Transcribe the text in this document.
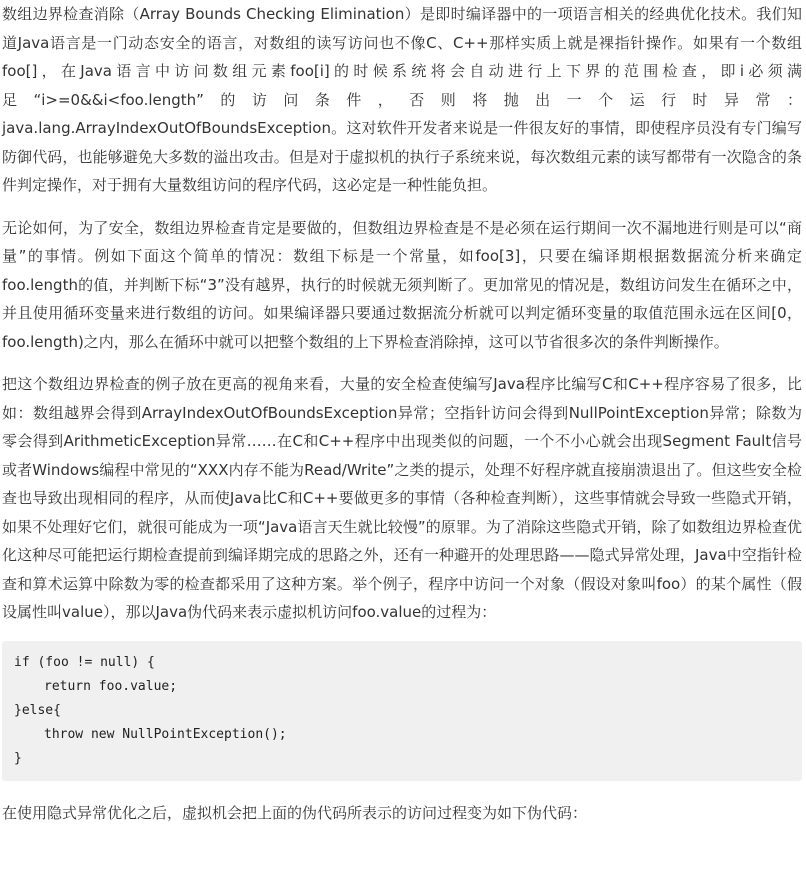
数组边界检查消除（Array Bounds Checking Elimination）是即时编译器中的一项语言相关的经典优化技术。我们知道Java语言是一门动态安全的语言，对数组的读写访问也不像C、C++那样实质上就是裸指针操作。如果有一个数组foo[]，在Java语言中访问数组元素foo[i]的时候系统将会自动进行上下界的范围检查，即i必须满足“i>=0&&i<foo.length”的访问条件，否则将抛出一个运行时异常：java.lang.ArrayIndexOutOfBoundsException。这对软件开发者来说是一件很友好的事情，即使程序员没有专门编写防御代码，也能够避免大多数的溢出攻击。但是对于虚拟机的执行子系统来说，每次数组元素的读写都带有一次隐含的条件判定操作，对于拥有大量数组访问的程序代码，这必定是一种性能负担。

无论如何，为了安全，数组边界检查肯定是要做的，但数组边界检查是不是必须在运行期间一次不漏地进行则是可以“商量”的事情。例如下面这个简单的情况：数组下标是一个常量，如foo[3]，只要在编译期根据数据流分析来确定foo.length的值，并判断下标“3”没有越界，执行的时候就无须判断了。更加常见的情况是，数组访问发生在循环之中，并且使用循环变量来进行数组的访问。如果编译器只要通过数据流分析就可以判定循环变量的取值范围永远在区间[0，foo.length)之内，那么在循环中就可以把整个数组的上下界检查消除掉，这可以节省很多次的条件判断操作。

把这个数组边界检查的例子放在更高的视角来看，大量的安全检查使编写Java程序比编写C和C++程序容易了很多，比如：数组越界会得到ArrayIndexOutOfBoundsException异常；空指针访问会得到NullPointException异常；除数为零会得到ArithmeticException异常……在C和C++程序中出现类似的问题，一个不小心就会出现Segment Fault信号或者Windows编程中常见的“XXX内存不能为Read/Write”之类的提示，处理不好程序就直接崩溃退出了。但这些安全检查也导致出现相同的程序，从而使Java比C和C++要做更多的事情（各种检查判断），这些事情就会导致一些隐式开销，如果不处理好它们，就很可能成为一项“Java语言天生就比较慢”的原罪。为了消除这些隐式开销，除了如数组边界检查优化这种尽可能把运行期检查提前到编译期完成的思路之外，还有一种避开的处理思路——隐式异常处理，Java中空指针检查和算术运算中除数为零的检查都采用了这种方案。举个例子，程序中访问一个对象（假设对象叫foo）的某个属性（假设属性叫value），那以Java伪代码来表示虚拟机访问foo.value的过程为：

if (foo != null) {
return foo.value;
}else{
throw new NullPointException();
}

在使用隐式异常优化之后，虚拟机会把上面的伪代码所表示的访问过程变为如下伪代码：
